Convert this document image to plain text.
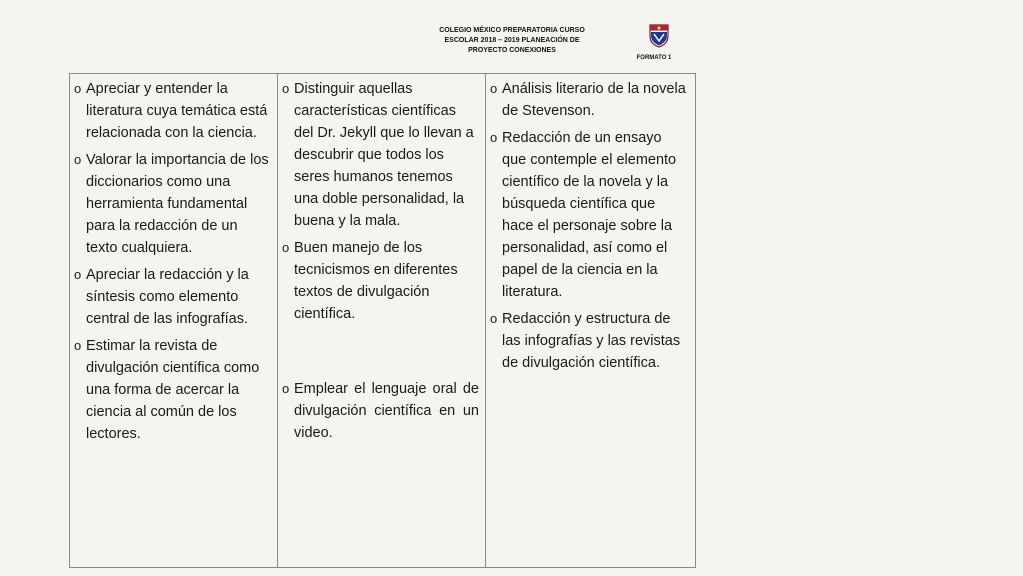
COLEGIO MÉXICO PREPARATORIA CURSO
ESCOLAR 2018 – 2019 PLANEACIÓN DE
PROYECTO CONEXIONES
FORMATO 1
o Apreciar y entender la literatura cuya temática está relacionada con la ciencia.
o Valorar la importancia de los diccionarios como una herramienta fundamental para la redacción de un texto cualquiera.
o Apreciar la redacción y la síntesis como elemento central de las infografías.
o Estimar la revista de divulgación científica como una forma de acercar la ciencia al común de los lectores.

o Distinguir aquellas características científicas del Dr. Jekyll que lo llevan a descubrir que todos los seres humanos tenemos una doble personalidad, la buena y la mala.
o Buen manejo de los tecnicismos en diferentes textos de divulgación científica.
o Emplear el lenguaje oral de divulgación científica en un video.

o Análisis literario de la novela de Stevenson.
o Redacción de un ensayo que contemple el elemento científico de la novela y la búsqueda científica que hace el personaje sobre la personalidad, así como el papel de la ciencia en la literatura.
o Redacción y estructura de las infografías y las revistas de divulgación científica.
